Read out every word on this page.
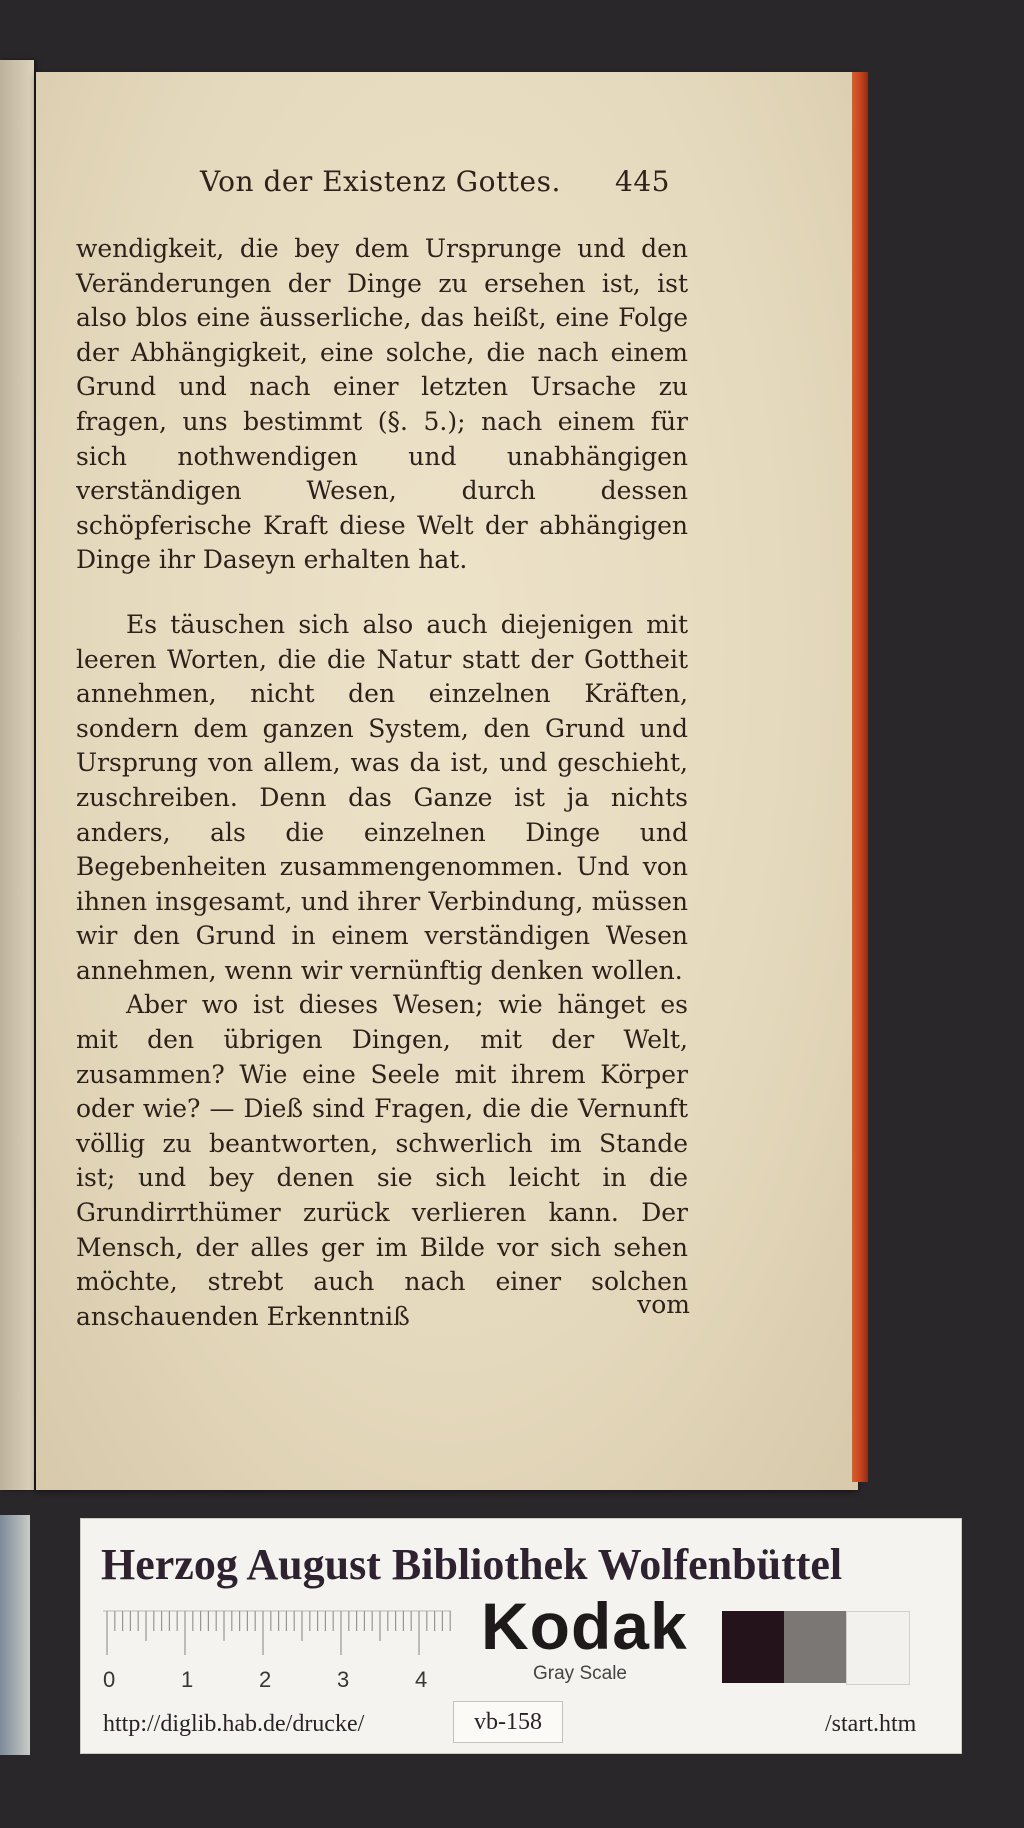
Von der Existenz Gottes. 445

wendigkeit, die bey dem Ursprunge und den Veränderungen der Dinge zu ersehen ist, ist also blos eine äusserliche, das heißt, eine Folge der Abhängigkeit, eine solche, die nach einem Grund und nach einer letzten Ursache zu fragen, uns bestimmt (§. 5.); nach einem für sich nothwendigen und unabhängigen verständigen Wesen, durch dessen schöpferische Kraft diese Welt der abhängigen Dinge ihr Daseyn erhalten hat.

Es täuschen sich also auch diejenigen mit leeren Worten, die die Natur statt der Gottheit annehmen, nicht den einzelnen Kräften, sondern dem ganzen System, den Grund und Ursprung von allem, was da ist, und geschieht, zuschreiben. Denn das Ganze ist ja nichts anders, als die einzelnen Dinge und Begebenheiten zusammengenommen. Und von ihnen insgesamt, und ihrer Verbindung, müssen wir den Grund in einem verständigen Wesen annehmen, wenn wir vernünftig denken wollen.

Aber wo ist dieses Wesen; wie hänget es mit den übrigen Dingen, mit der Welt, zusammen? Wie eine Seele mit ihrem Körper oder wie? — Dieß sind Fragen, die die Vernunft völlig zu beantworten, schwerlich im Stande ist; und bey denen sie sich leicht in die Grundirrthümer zurück verlieren kann. Der Mensch, der alles ger im Bilde vor sich sehen möchte, strebt auch nach einer solchen anschauenden Erkenntniß	vom
Herzog August Bibliothek Wolfenbüttel
0	1	2	3	4
Kodak
Gray Scale
http://diglib.hab.de/drucke/	vb-158	/start.htm
